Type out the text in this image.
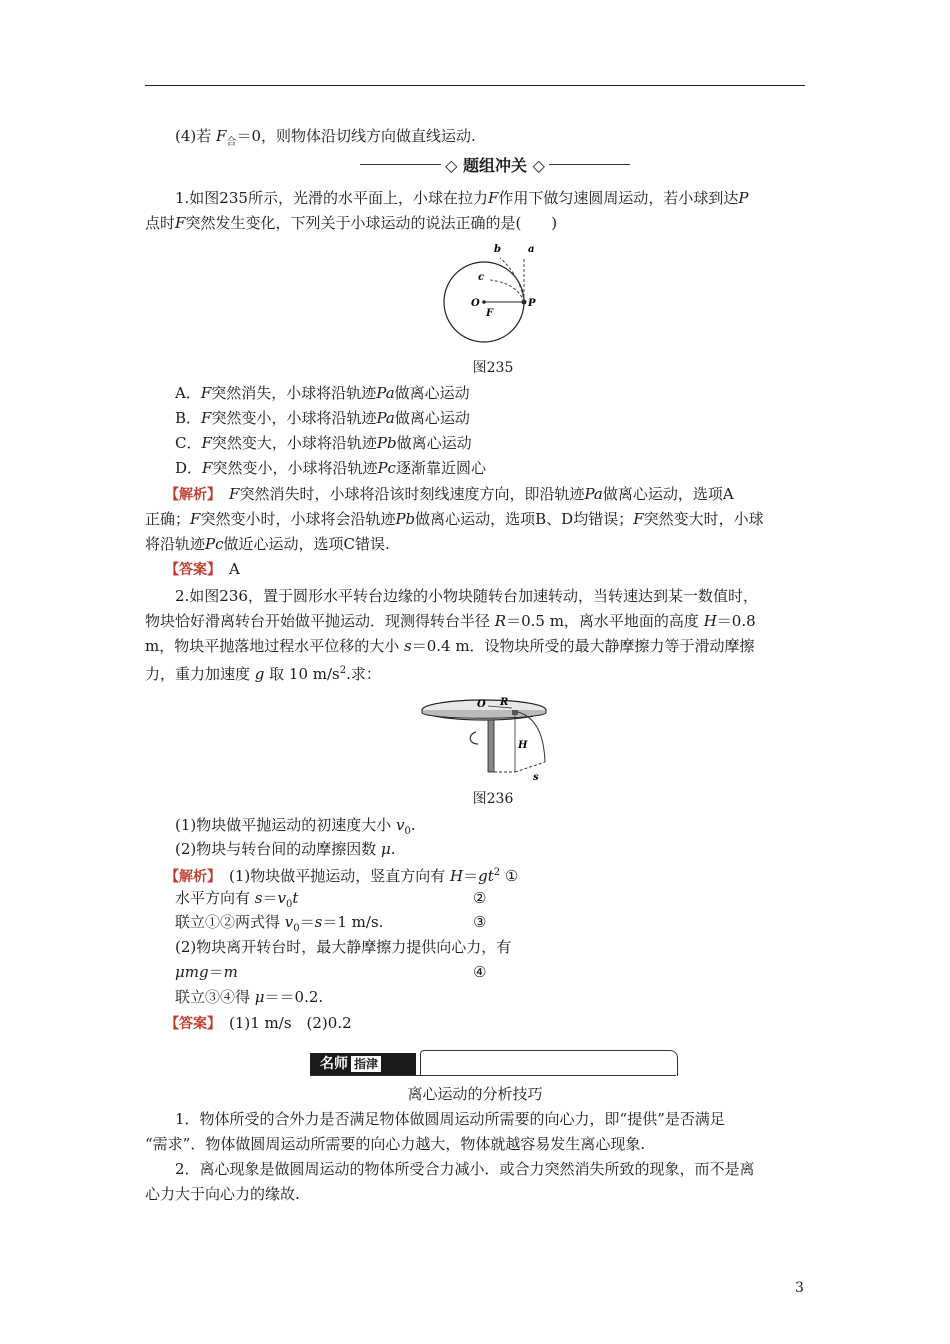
(4)若 $F_合=0$，则物体沿切线方向做直线运动.
◇ 题组冲关 ◇
1.如图235所示，光滑的水平面上，小球在拉力F作用下做匀速圆周运动，若小球到达P
点时F突然发生变化，下列关于小球运动的说法正确的是(　　)
b	a
c
O	P
F
图235
A．F突然消失，小球将沿轨迹Pa做离心运动
B．F突然变小，小球将沿轨迹Pa做离心运动
C．F突然变大，小球将沿轨迹Pb做离心运动
D．F突然变小，小球将沿轨迹Pc逐渐靠近圆心
【解析】　 F突然消失时，小球将沿该时刻线速度方向，即沿轨迹Pa做离心运动，选项A
正确；F突然变小时，小球将会沿轨迹Pb做离心运动，选项B、D均错误；F突然变大时，小球
将沿轨迹Pc做近心运动，选项C错误.
【答案】　A
2.如图236，置于圆形水平转台边缘的小物块随转台加速转动，当转速达到某一数值时，
物块恰好滑离转台开始做平抛运动．现测得转台半径 R＝0.5 m，离水平地面的高度 H＝0.8
m，物块平抛落地过程水平位移的大小 s＝0.4 m．设物块所受的最大静摩擦力等于滑动摩擦
力，重力加速度 g 取 10 $m/s^2$.求：
O R
H
s
图236
(1)物块做平抛运动的初速度大小 $v_0$.
(2)物块与转台间的动摩擦因数 μ.
【解析】　(1)物块做平抛运动，竖直方向有 $H=gt^2$ ①
水平方向有 $s=v_0t$	②
联立①②两式得 $v_0=s=1$ m/s.	③
(2)物块离开转台时，最大静摩擦力提供向心力，有
μmg＝m	④
联立③④得 μ＝＝0.2.
【答案】　(1)1 m/s　(2)0.2
名师 指津
离心运动的分析技巧
1．物体所受的合外力是否满足物体做圆周运动所需要的向心力，即“提供”是否满足
“需求”．物体做圆周运动所需要的向心力越大，物体就越容易发生离心现象.
2．离心现象是做圆周运动的物体所受合力减小．或合力突然消失所致的现象，而不是离
心力大于向心力的缘故.
3
